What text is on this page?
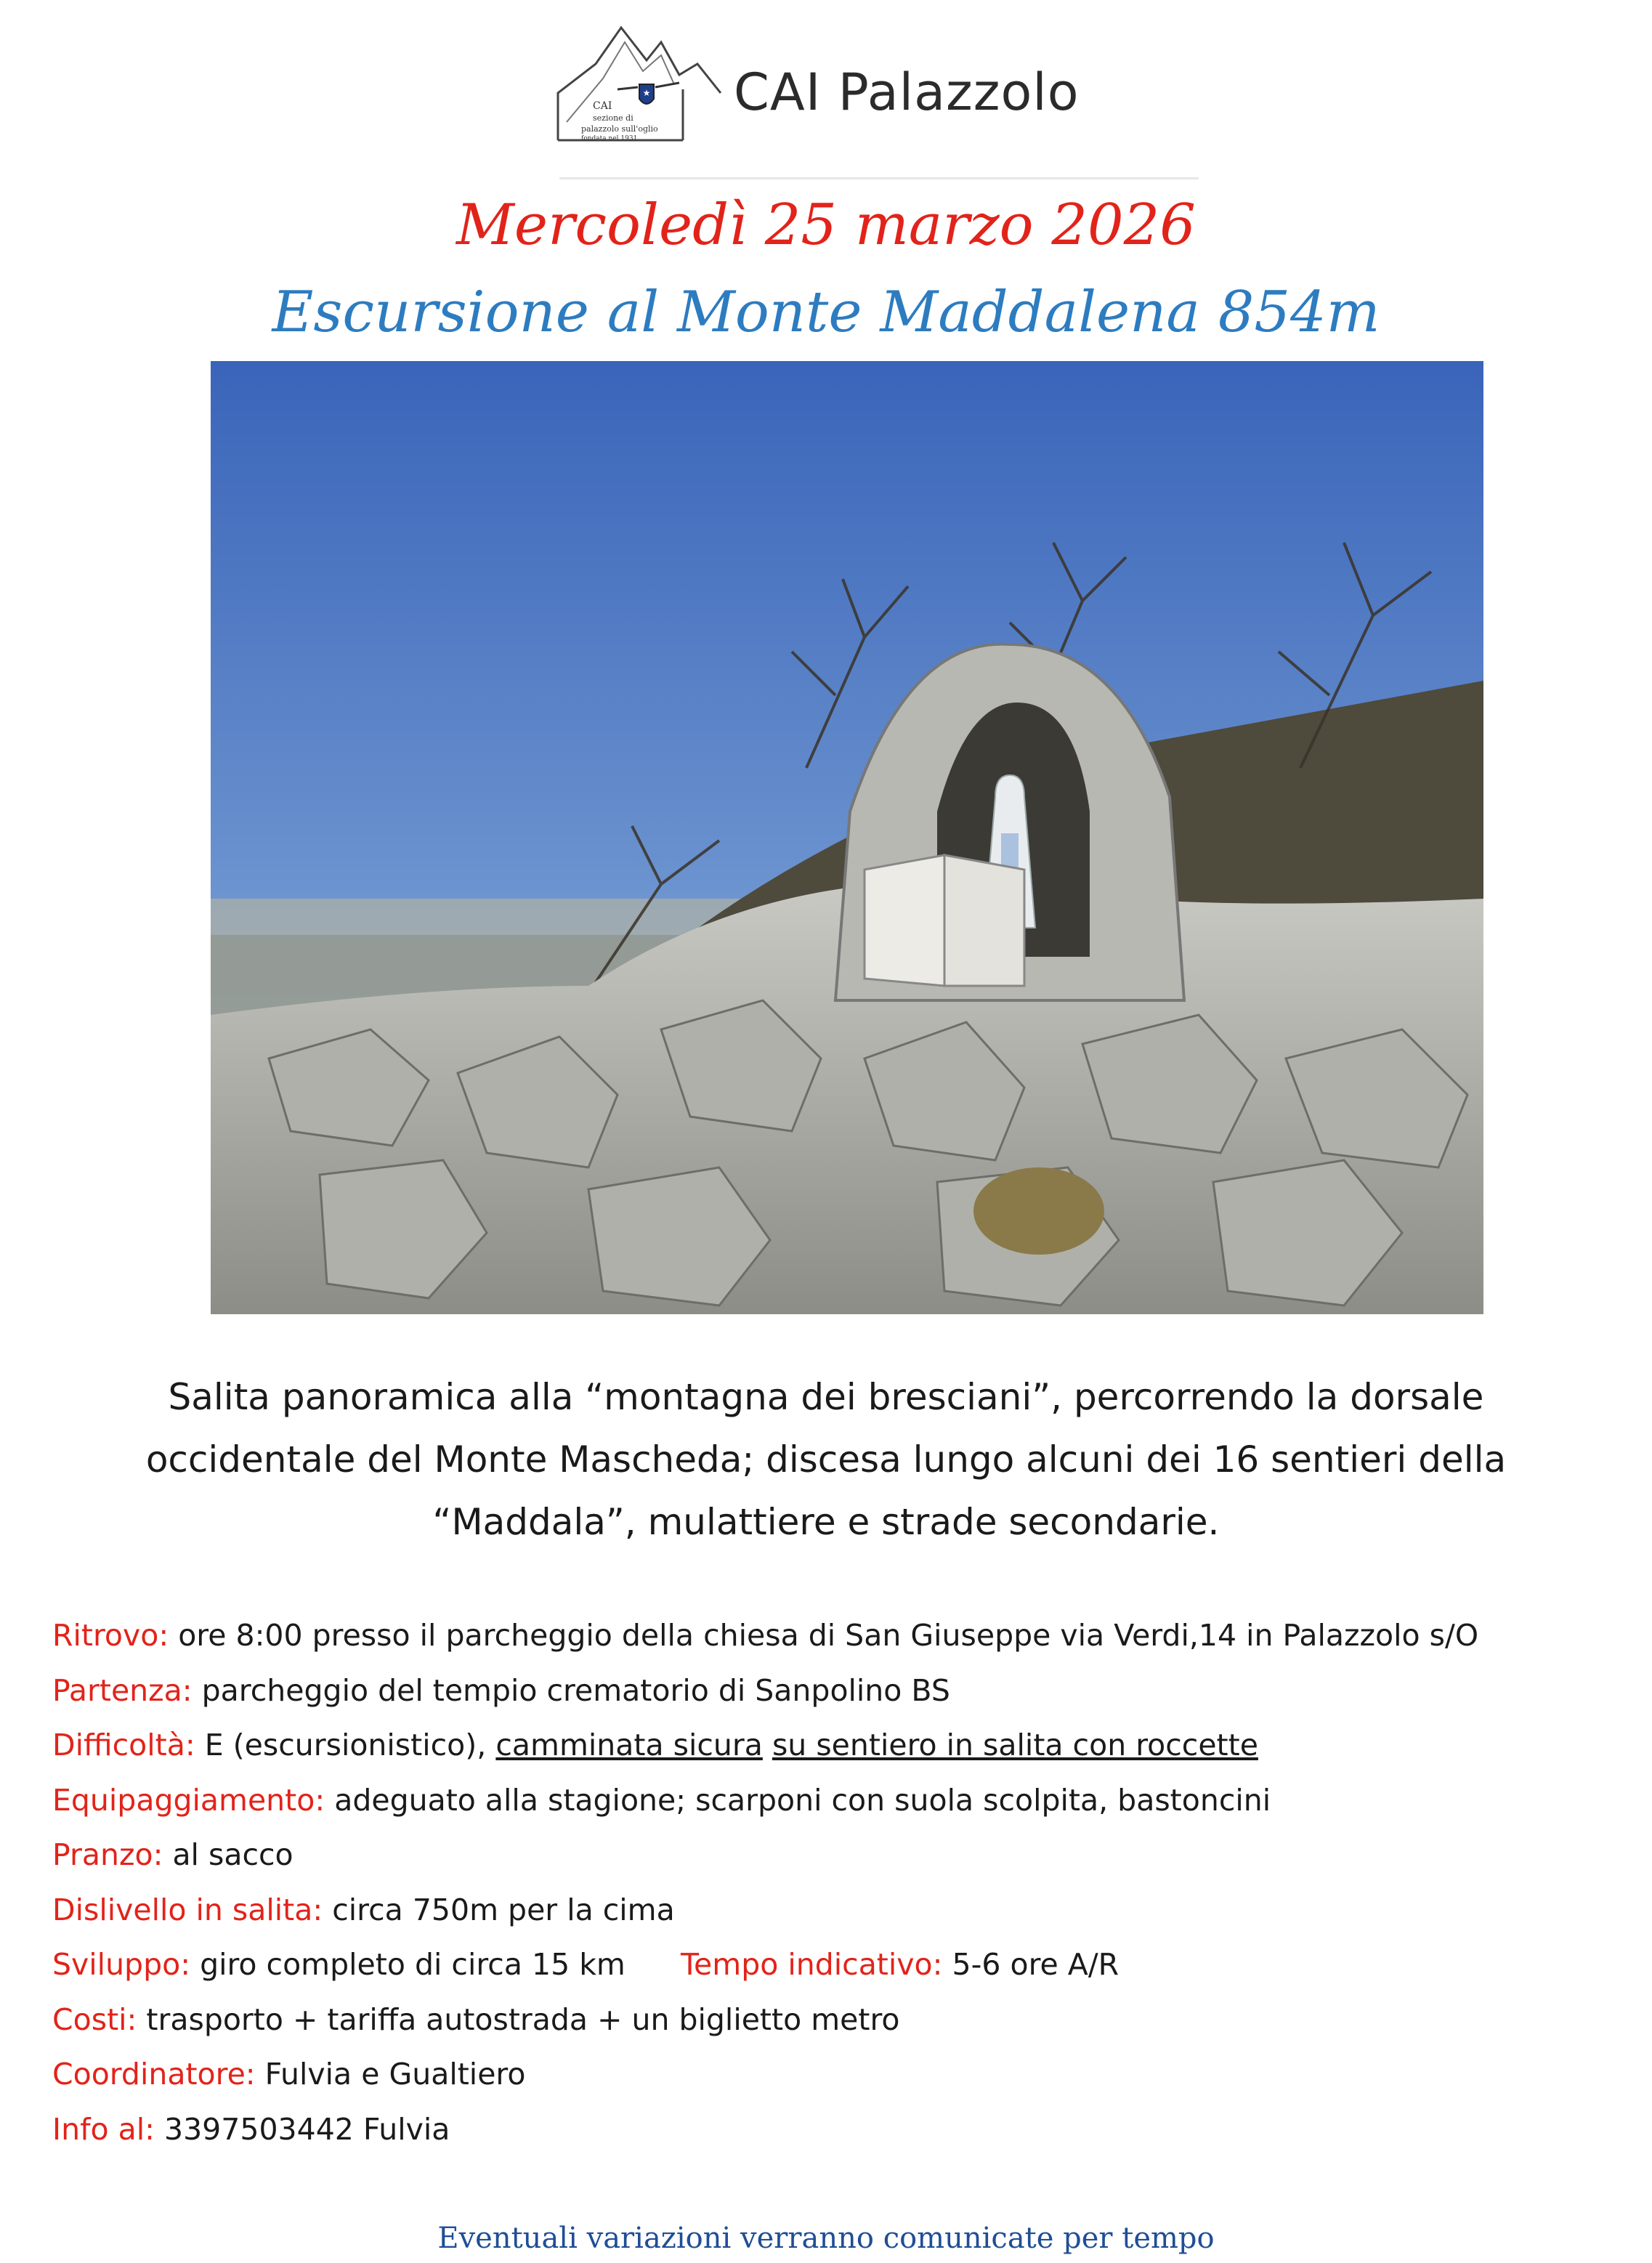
★
CAI
sezione di
palazzolo sull'oglio
fondata nel 1931
CAI Palazzolo
Mercoledì 25 marzo 2026
Escursione al Monte Maddalena 854m
Salita panoramica alla “montagna dei bresciani”, percorrendo la dorsale
occidentale del Monte Mascheda; discesa lungo alcuni dei 16 sentieri della
“Maddala”, mulattiere e strade secondarie.
Ritrovo: ore 8:00 presso il parcheggio della chiesa di San Giuseppe via Verdi,14 in Palazzolo s/O
Partenza: parcheggio del tempio crematorio di Sanpolino BS
Difficoltà: E (escursionistico), camminata sicura su sentiero in salita con roccette
Equipaggiamento: adeguato alla stagione; scarponi con suola scolpita, bastoncini
Pranzo: al sacco
Dislivello in salita: circa 750m per la cima
Sviluppo: giro completo di circa 15 km Tempo indicativo: 5-6 ore A/R
Costi: trasporto + tariffa autostrada + un biglietto metro
Coordinatore: Fulvia e Gualtiero
Info al: 3397503442 Fulvia
Eventuali variazioni verranno comunicate per tempo
